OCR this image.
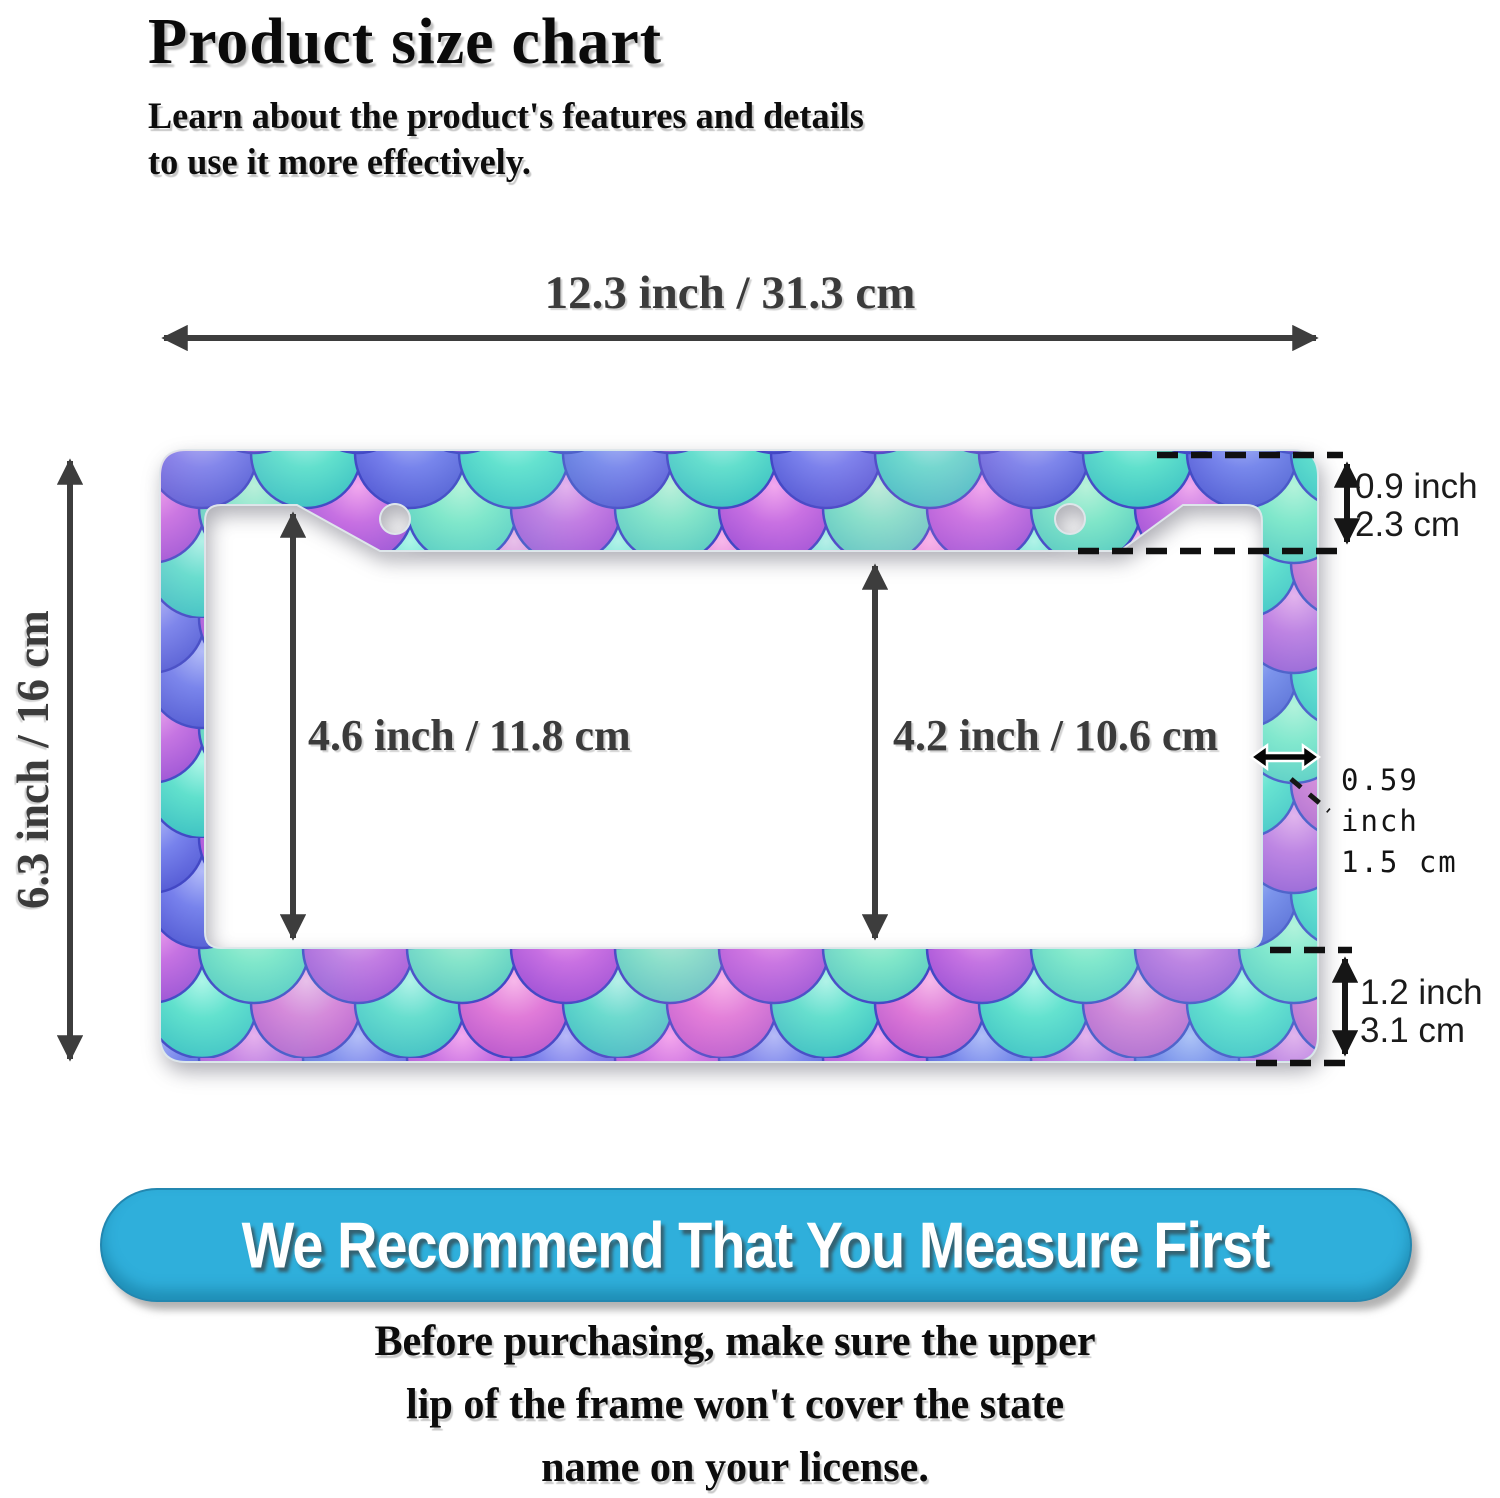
Product size chart
Learn about the product's features and details
to use it more effectively.
12.3 inch / 31.3 cm
6.3 inch / 16 cm	4.6 inch / 11.8 cm	4.2 inch / 10.6 cm
0.9 inch
2.3 cm
0.59 inch
1.5 cm
1.2 inch
3.1 cm
We Recommend That You Measure First
Before purchasing, make sure the upper
lip of the frame won't cover the state
name on your license.
